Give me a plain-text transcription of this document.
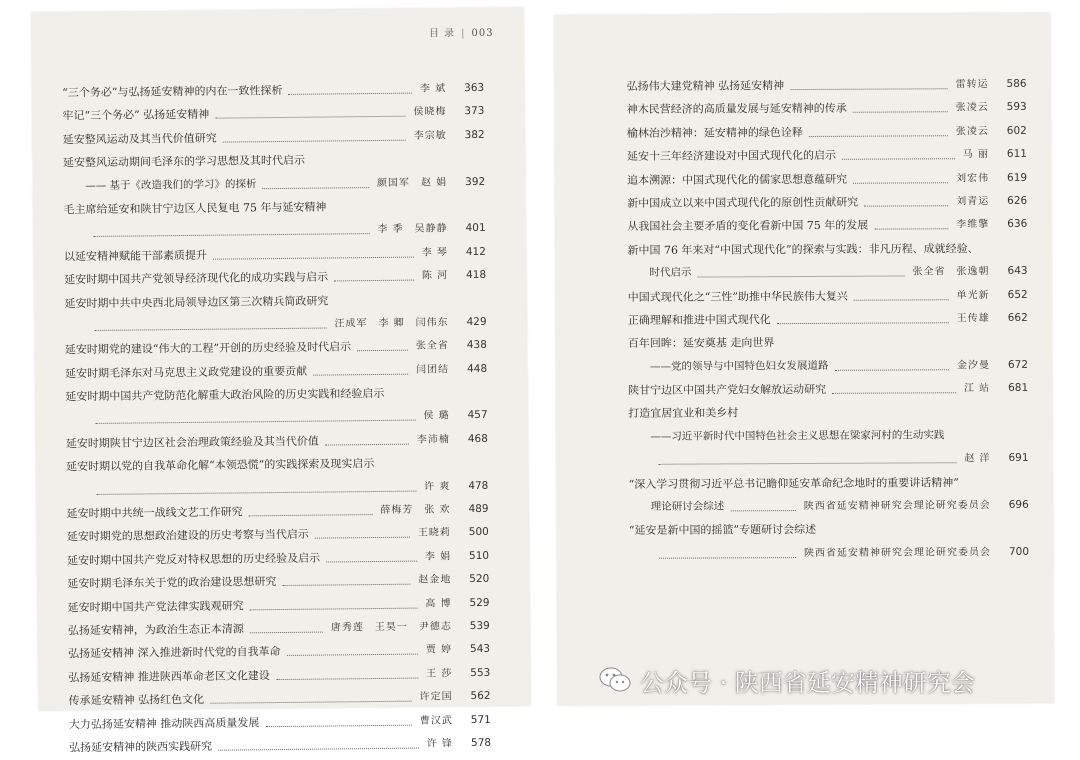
目 录 | 003
“三个务必”与弘扬延安精神的内在一致性探析	李 斌 363
牢记“三个务必” 弘扬延安精神	侯晓梅 373
延安整风运动及其当代价值研究	李宗敏 382
延安整风运动期间毛泽东的学习思想及其时代启示
—— 基于《改造我们的学习》的探析	颜国军　赵 娟 392
毛主席给延安和陕甘宁边区人民复电 75 年与延安精神
李 季　吴静静 401
以延安精神赋能干部素质提升	李 琴 412
延安时期中国共产党领导经济现代化的成功实践与启示	陈 河 418
延安时期中共中央西北局领导边区第三次精兵简政研究
汪成军　李 卿　闫伟东 429
延安时期党的建设“伟大的工程”开创的历史经验及时代启示	张全省 438
延安时期毛泽东对马克思主义政党建设的重要贡献	闫团结 448
延安时期中国共产党防范化解重大政治风险的历史实践和经验启示
侯 璐 457
延安时期陕甘宁边区社会治理政策经验及其当代价值	李沛楠 468
延安时期以党的自我革命化解“本领恐慌”的实践探索及现实启示
许 爽 478
延安时期中共统一战线文艺工作研究	薛梅芳　张 欢 489
延安时期党的思想政治建设的历史考察与当代启示	王晓莉 500
延安时期中国共产党反对特权思想的历史经验及启示	李 娟 510
延安时期毛泽东关于党的政治建设思想研究	赵金地 520
延安时期中国共产党法律实践观研究	高 博 529
弘扬延安精神，为政治生态正本清源	唐秀莲　王昊一　尹德志 539
弘扬延安精神 深入推进新时代党的自我革命	贾 婷 543
弘扬延安精神 推进陕西革命老区文化建设	王 莎 553
传承延安精神 弘扬红色文化	许定国 562
大力弘扬延安精神 推动陕西高质量发展	曹汉武 571
弘扬延安精神的陕西实践研究	许 锋 578
弘扬伟大建党精神 弘扬延安精神	雷转运 586
神木民营经济的高质量发展与延安精神的传承	张凌云 593
榆林治沙精神：延安精神的绿色诠释	张凌云 602
延安十三年经济建设对中国式现代化的启示	马 丽 611
追本溯源：中国式现代化的儒家思想意蕴研究	刘宏伟 619
新中国成立以来中国式现代化的原创性贡献研究	刘青运 626
从我国社会主要矛盾的变化看新中国 75 年的发展	李维擎 636
新中国 76 年来对“中国式现代化”的探索与实践：非凡历程、成就经验、
时代启示	张全省　张逸朝 643
中国式现代化之“三性”助推中华民族伟大复兴	单光新 652
正确理解和推进中国式现代化	王传雄 662
百年回眸：延安奠基 走向世界
——党的领导与中国特色妇女发展道路	金汐曼 672
陕甘宁边区中国共产党妇女解放运动研究	江 站 681
打造宜居宜业和美乡村
——习近平新时代中国特色社会主义思想在梁家河村的生动实践
赵 洋 691
“深入学习贯彻习近平总书记瞻仰延安革命纪念地时的重要讲话精神”
理论研讨会综述	陕西省延安精神研究会理论研究委员会 696
“延安是新中国的摇篮”专题研讨会综述
陕西省延安精神研究会理论研究委员会 700
公众号 · 陕西省延安精神研究会
